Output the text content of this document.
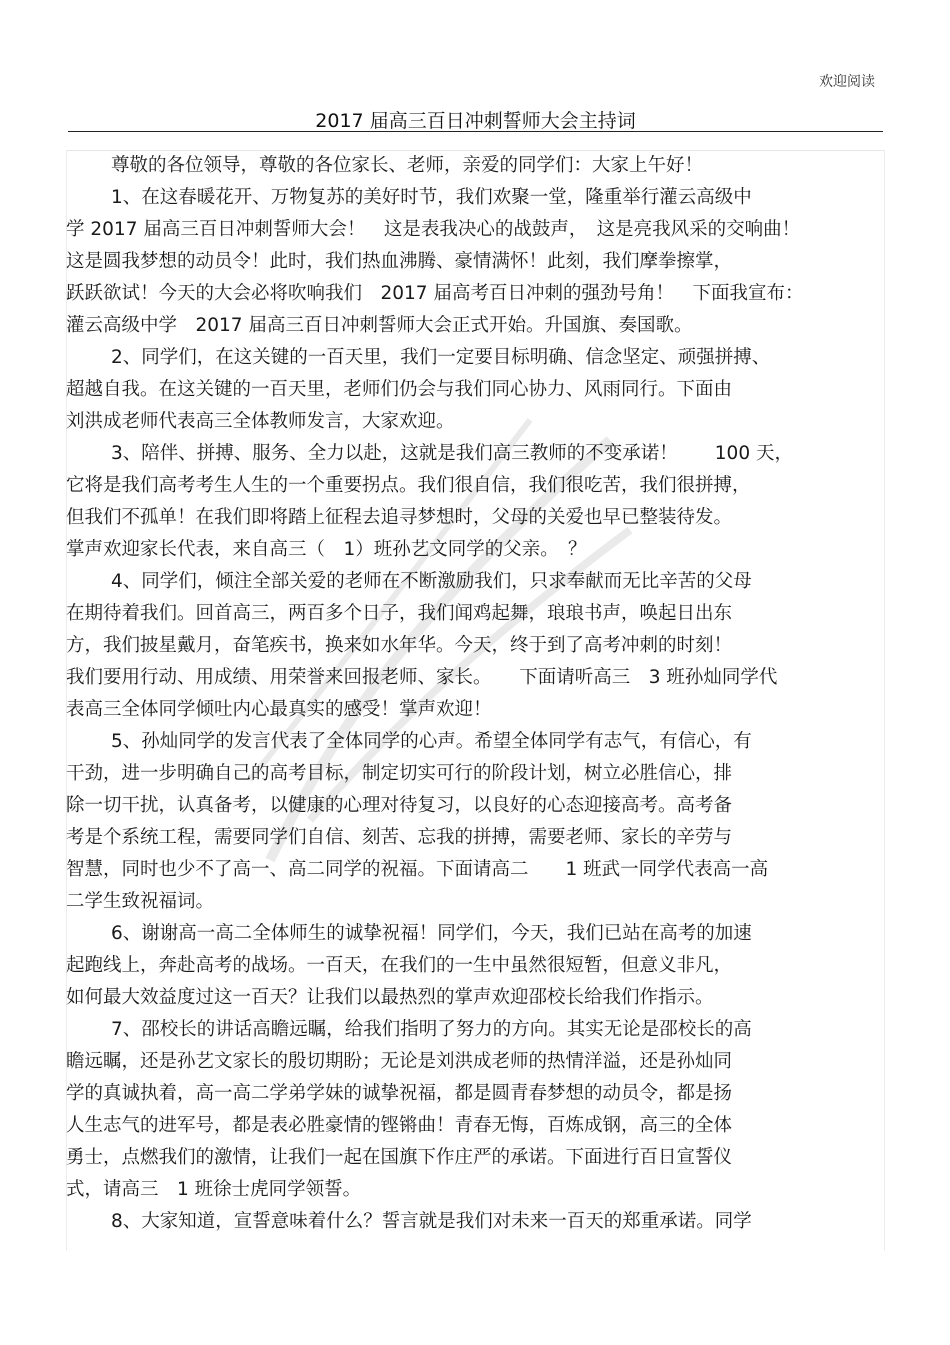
欢迎阅读
2017 届高三百日冲刺誓师大会主持词
尊敬的各位领导，尊敬的各位家长、老师，亲爱的同学们：大家上午好！
1、在这春暖花开、万物复苏的美好时节，我们欢聚一堂，隆重举行灌云高级中
学 2017 届高三百日冲刺誓师大会！　这是表我决心的战鼓声，　这是亮我风采的交响曲！
这是圆我梦想的动员令！此时，我们热血沸腾、豪情满怀！此刻，我们摩拳擦掌，
跃跃欲试！今天的大会必将吹响我们　2017 届高考百日冲刺的强劲号角！　下面我宣布：
灌云高级中学　2017 届高三百日冲刺誓师大会正式开始。升国旗、奏国歌。
2、同学们，在这关键的一百天里，我们一定要目标明确、信念坚定、顽强拼搏、
超越自我。在这关键的一百天里，老师们仍会与我们同心协力、风雨同行。下面由
刘洪成老师代表高三全体教师发言，大家欢迎。
3、陪伴、拼搏、服务、全力以赴，这就是我们高三教师的不变承诺！　　100 天，
它将是我们高考考生人生的一个重要拐点。我们很自信，我们很吃苦，我们很拼搏，
但我们不孤单！在我们即将踏上征程去追寻梦想时，父母的关爱也早已整装待发。
掌声欢迎家长代表，来自高三（　1）班孙艺文同学的父亲。　？
4、同学们，倾注全部关爱的老师在不断激励我们，只求奉献而无比辛苦的父母
在期待着我们。回首高三，两百多个日子，我们闻鸡起舞，琅琅书声，唤起日出东
方，我们披星戴月，奋笔疾书，换来如水年华。今天，终于到了高考冲刺的时刻！
我们要用行动、用成绩、用荣誉来回报老师、家长。　　下面请听高三　3 班孙灿同学代
表高三全体同学倾吐内心最真实的感受！掌声欢迎！
5、孙灿同学的发言代表了全体同学的心声。希望全体同学有志气，有信心，有
干劲，进一步明确自己的高考目标，制定切实可行的阶段计划，树立必胜信心，排
除一切干扰，认真备考，以健康的心理对待复习，以良好的心态迎接高考。高考备
考是个系统工程，需要同学们自信、刻苦、忘我的拼搏，需要老师、家长的辛劳与
智慧，同时也少不了高一、高二同学的祝福。下面请高二　　1 班武一同学代表高一高
二学生致祝福词。
6、谢谢高一高二全体师生的诚挚祝福！同学们，今天，我们已站在高考的加速
起跑线上，奔赴高考的战场。一百天，在我们的一生中虽然很短暂，但意义非凡，
如何最大效益度过这一百天？让我们以最热烈的掌声欢迎邵校长给我们作指示。
7、邵校长的讲话高瞻远瞩，给我们指明了努力的方向。其实无论是邵校长的高
瞻远瞩，还是孙艺文家长的殷切期盼；无论是刘洪成老师的热情洋溢，还是孙灿同
学的真诚执着，高一高二学弟学妹的诚挚祝福，都是圆青春梦想的动员令，都是扬
人生志气的进军号，都是表必胜豪情的铿锵曲！青春无悔，百炼成钢，高三的全体
勇士，点燃我们的激情，让我们一起在国旗下作庄严的承诺。下面进行百日宣誓仪
式，请高三　1 班徐士虎同学领誓。
8、大家知道，宣誓意味着什么？誓言就是我们对未来一百天的郑重承诺。同学
